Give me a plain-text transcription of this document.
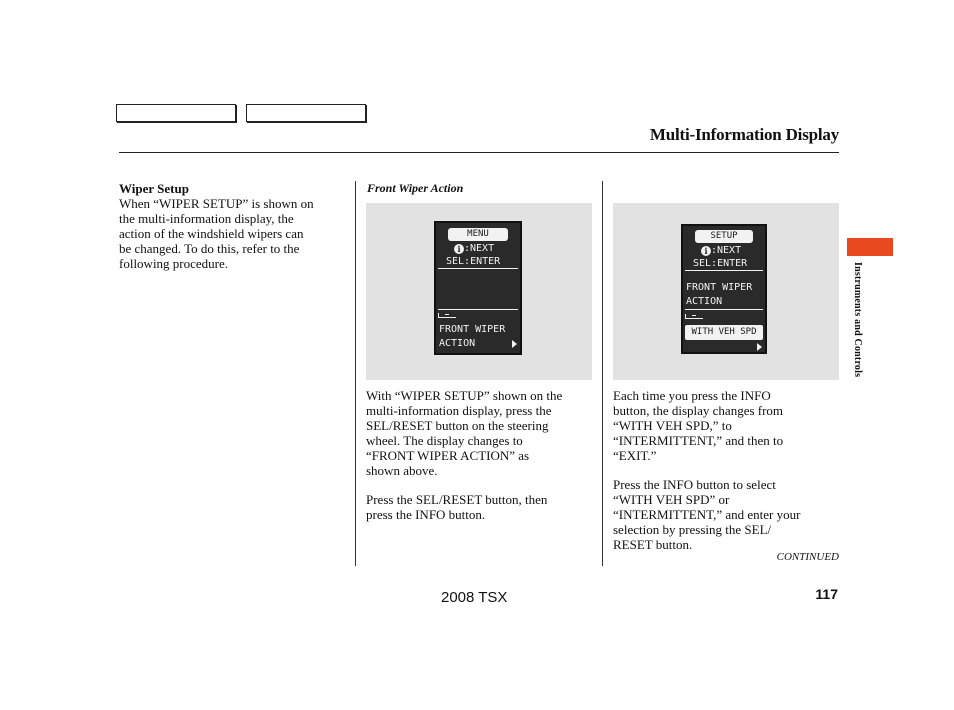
Multi-Information Display
Wiper Setup
When “WIPER SETUP” is shown on
the multi-information display, the
action of the windshield wipers can
be changed. To do this, refer to the
following procedure.
Front Wiper Action
MENU
i :NEXT
SEL:ENTER
FRONT WIPER
ACTION
SETUP
i :NEXT
SEL:ENTER
FRONT WIPER
ACTION
WITH VEH SPD
With “WIPER SETUP” shown on the
multi-information display, press the
SEL/RESET button on the steering
wheel. The display changes to
“FRONT WIPER ACTION” as
shown above.
Press the SEL/RESET button, then
press the INFO button.
Each time you press the INFO
button, the display changes from
“WITH VEH SPD,” to
“INTERMITTENT,” and then to
“EXIT.”
Press the INFO button to select
“WITH VEH SPD” or
“INTERMITTENT,” and enter your
selection by pressing the SEL/
RESET button.
Instruments and Controls
CONTINUED
2008 TSX	117
